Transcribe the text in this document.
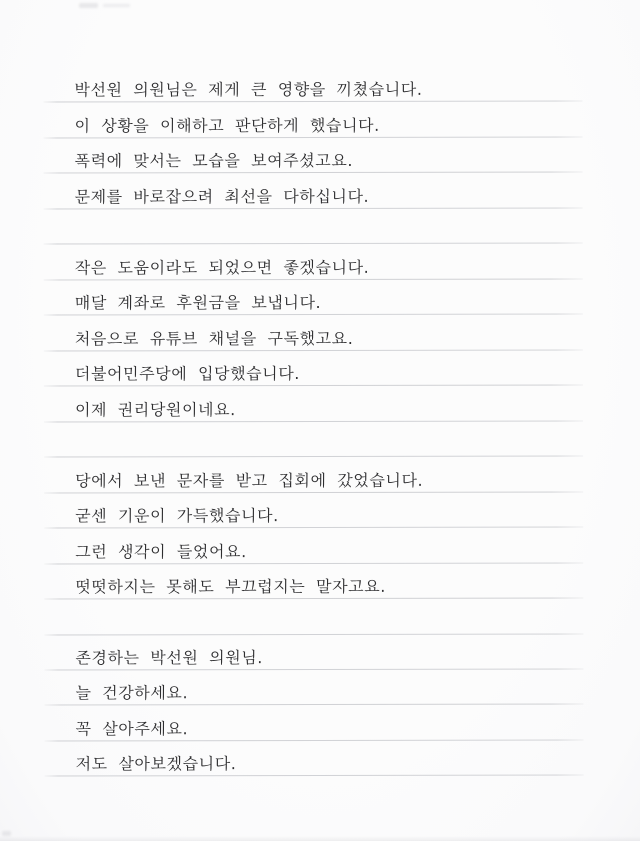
박선원 의원님은 제게 큰 영향을 끼쳤습니다.
이 상황을 이해하고 판단하게 했습니다.
폭력에 맞서는 모습을 보여주셨고요.
문제를 바로잡으려 최선을 다하십니다.
작은 도움이라도 되었으면 좋겠습니다.
매달 계좌로 후원금을 보냅니다.
처음으로 유튜브 채널을 구독했고요.
더불어민주당에 입당했습니다.
이제 권리당원이네요.
당에서 보낸 문자를 받고 집회에 갔었습니다.
굳센 기운이 가득했습니다.
그런 생각이 들었어요.
떳떳하지는 못해도 부끄럽지는 말자고요.
존경하는 박선원 의원님.
늘 건강하세요.
꼭 살아주세요.
저도 살아보겠습니다.
